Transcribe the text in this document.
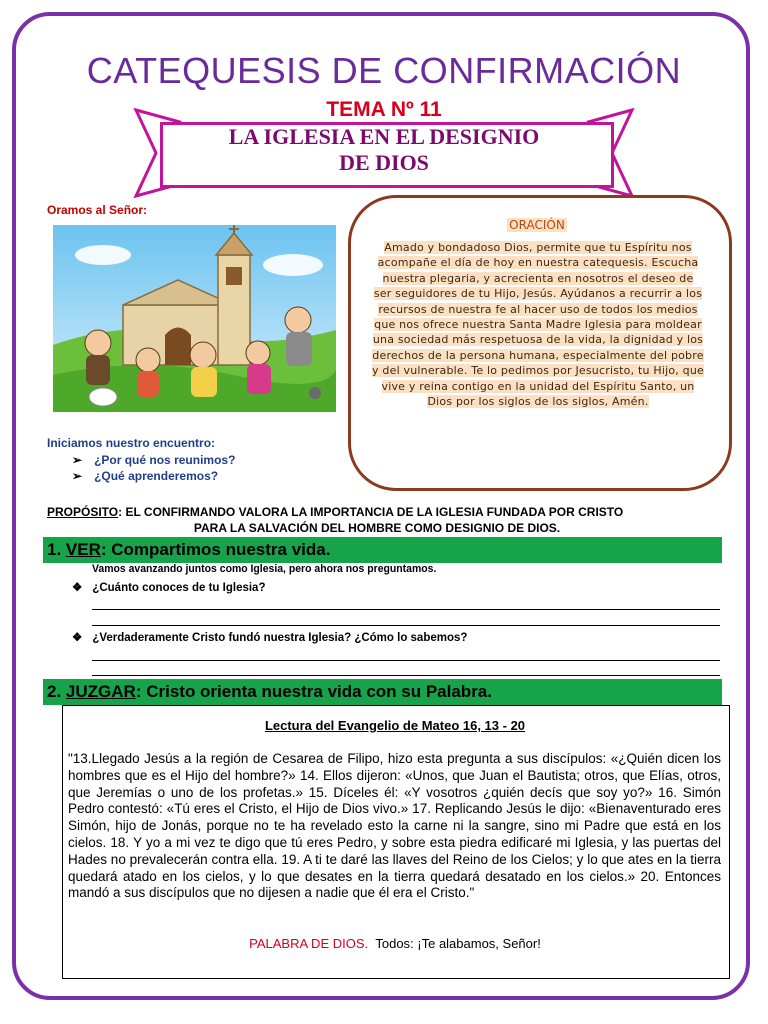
CATEQUESIS DE CONFIRMACIÓN
TEMA Nº 11
LA IGLESIA EN EL DESIGNIO
DE DIOS
Oramos al Señor:
ORACIÓN
Amado y bondadoso Dios, permite que tu Espíritu nos acompañe el día de hoy en nuestra catequesis. Escucha nuestra plegaria, y acrecienta en nosotros el deseo de ser seguidores de tu Hijo, Jesús. Ayúdanos a recurrir a los recursos de nuestra fe al hacer uso de todos los medios que nos ofrece nuestra Santa Madre Iglesia para moldear una sociedad más respetuosa de la vida, la dignidad y los derechos de la persona humana, especialmente del pobre y del vulnerable. Te lo pedimos por Jesucristo, tu Hijo, que vive y reina contigo en la unidad del Espíritu Santo, un Dios por los siglos de los siglos, Amén.
Iniciamos nuestro encuentro:
➢ ¿Por qué nos reunimos?
➢ ¿Qué aprenderemos?
PROPÓSITO: EL CONFIRMANDO VALORA LA IMPORTANCIA DE LA IGLESIA FUNDADA POR CRISTO
PARA LA SALVACIÓN DEL HOMBRE COMO DESIGNIO DE DIOS.
1. VER: Compartimos nuestra vida.
Vamos avanzando juntos como Iglesia, pero ahora nos preguntamos.
❖ ¿Cuánto conoces de tu Iglesia?
❖ ¿Verdaderamente Cristo fundó nuestra Iglesia? ¿Cómo lo sabemos?
2. JUZGAR: Cristo orienta nuestra vida con su Palabra.
Lectura del Evangelio de Mateo 16, 13 - 20
"13.Llegado Jesús a la región de Cesarea de Filipo, hizo esta pregunta a sus discípulos: «¿Quién dicen los hombres que es el Hijo del hombre?» 14. Ellos dijeron: «Unos, que Juan el Bautista; otros, que Elías, otros, que Jeremías o uno de los profetas.» 15. Díceles él: «Y vosotros ¿quién decís que soy yo?» 16. Simón Pedro contestó: «Tú eres el Cristo, el Hijo de Dios vivo.» 17. Replicando Jesús le dijo: «Bienaventurado eres Simón, hijo de Jonás, porque no te ha revelado esto la carne ni la sangre, sino mi Padre que está en los cielos. 18. Y yo a mi vez te digo que tú eres Pedro, y sobre esta piedra edificaré mi Iglesia, y las puertas del Hades no prevalecerán contra ella. 19. A ti te daré las llaves del Reino de los Cielos; y lo que ates en la tierra quedará atado en los cielos, y lo que desates en la tierra quedará desatado en los cielos.» 20. Entonces mandó a sus discípulos que no dijesen a nadie que él era el Cristo."
PALABRA DE DIOS. Todos: ¡Te alabamos, Señor!
